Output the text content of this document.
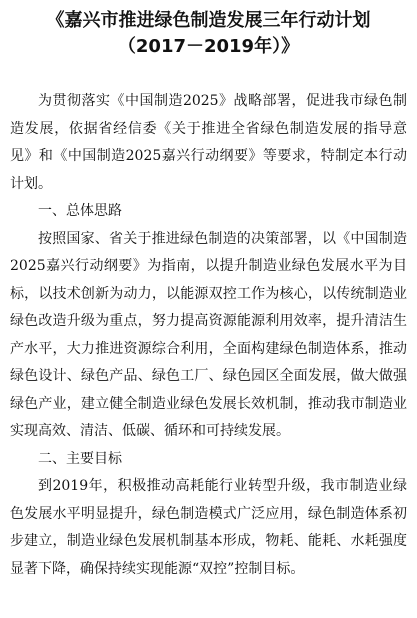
《嘉兴市推进绿色制造发展三年行动计划
（2017－2019年）》

为贯彻落实《中国制造2025》战略部署，促进我市绿色制造发展，依据省经信委《关于推进全省绿色制造发展的指导意见》和《中国制造2025嘉兴行动纲要》等要求，特制定本行动计划。

一、总体思路

按照国家、省关于推进绿色制造的决策部署，以《中国制造2025嘉兴行动纲要》为指南，以提升制造业绿色发展水平为目标，以技术创新为动力，以能源双控工作为核心，以传统制造业绿色改造升级为重点，努力提高资源能源利用效率，提升清洁生产水平，大力推进资源综合利用，全面构建绿色制造体系，推动绿色设计、绿色产品、绿色工厂、绿色园区全面发展，做大做强绿色产业，建立健全制造业绿色发展长效机制，推动我市制造业实现高效、清洁、低碳、循环和可持续发展。

二、主要目标

到2019年，积极推动高耗能行业转型升级，我市制造业绿色发展水平明显提升，绿色制造模式广泛应用，绿色制造体系初步建立，制造业绿色发展机制基本形成，物耗、能耗、水耗强度显著下降，确保持续实现能源“双控”控制目标。
